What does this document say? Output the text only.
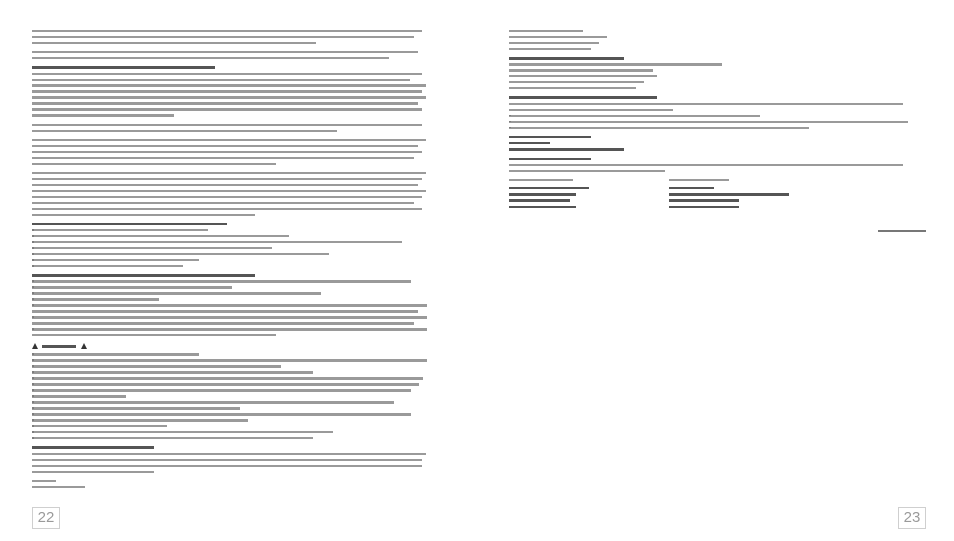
22	23
